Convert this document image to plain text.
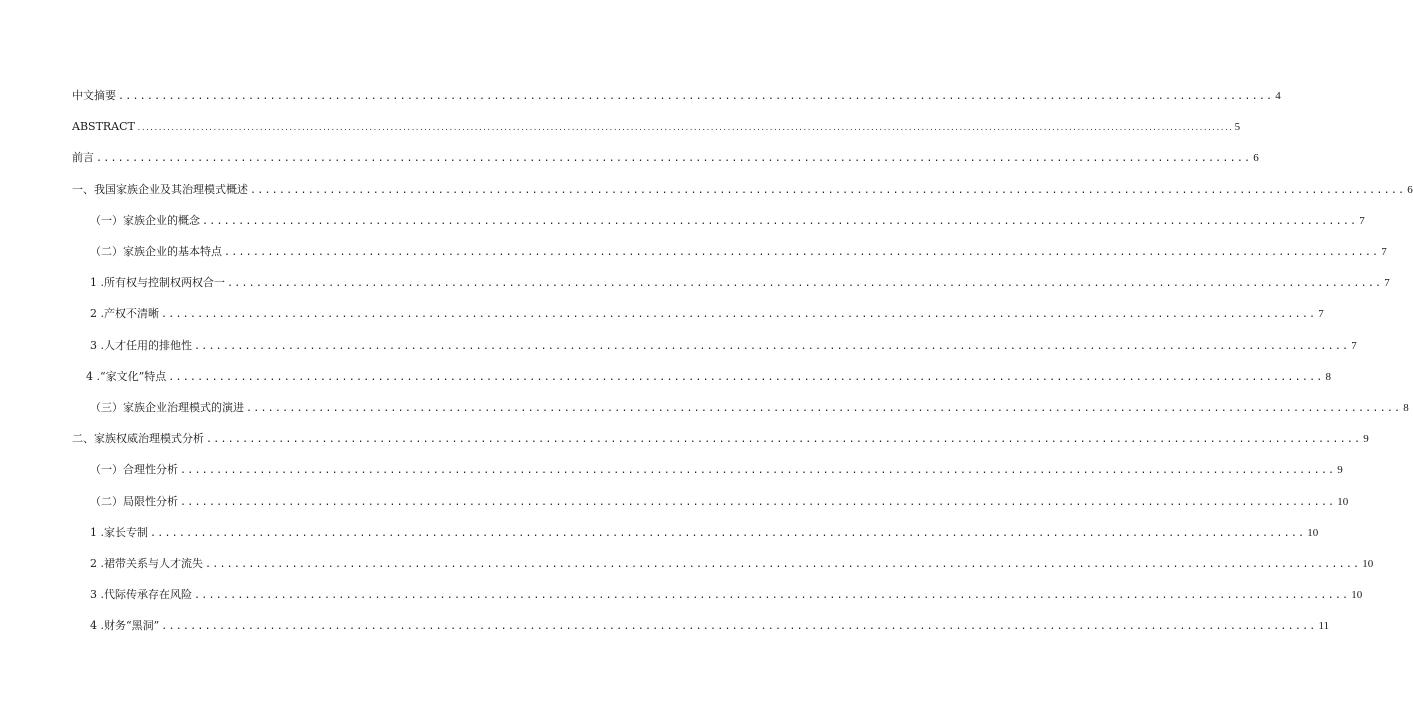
中文摘要 ................................................................................................................................................................ 4
ABSTRACT .................................................................................................................................................................................................................................................................... 5
前言 ................................................................................................................................................................ 6
一、我国家族企业及其治理模式概述 ................................................................................................................................................................ 6
（一）家族企业的概念 ................................................................................................................................................................ 7
（二）家族企业的基本特点 ................................................................................................................................................................ 7
1 .所有权与控制权两权合一 ................................................................................................................................................................ 7
2 .产权不清晰 ................................................................................................................................................................ 7
3 .人才任用的排他性 ................................................................................................................................................................ 7
4 .“家文化”特点 ................................................................................................................................................................ 8
（三）家族企业治理模式的演进 ................................................................................................................................................................ 8
二、家族权威治理模式分析 ................................................................................................................................................................ 9
（一）合理性分析 ................................................................................................................................................................ 9
（二）局限性分析 ................................................................................................................................................................ 10
1 .家长专制 ................................................................................................................................................................ 10
2 .裙带关系与人才流失 ................................................................................................................................................................ 10
3 .代际传承存在风险 ................................................................................................................................................................ 10
4 .财务“黑洞” ................................................................................................................................................................ 11
